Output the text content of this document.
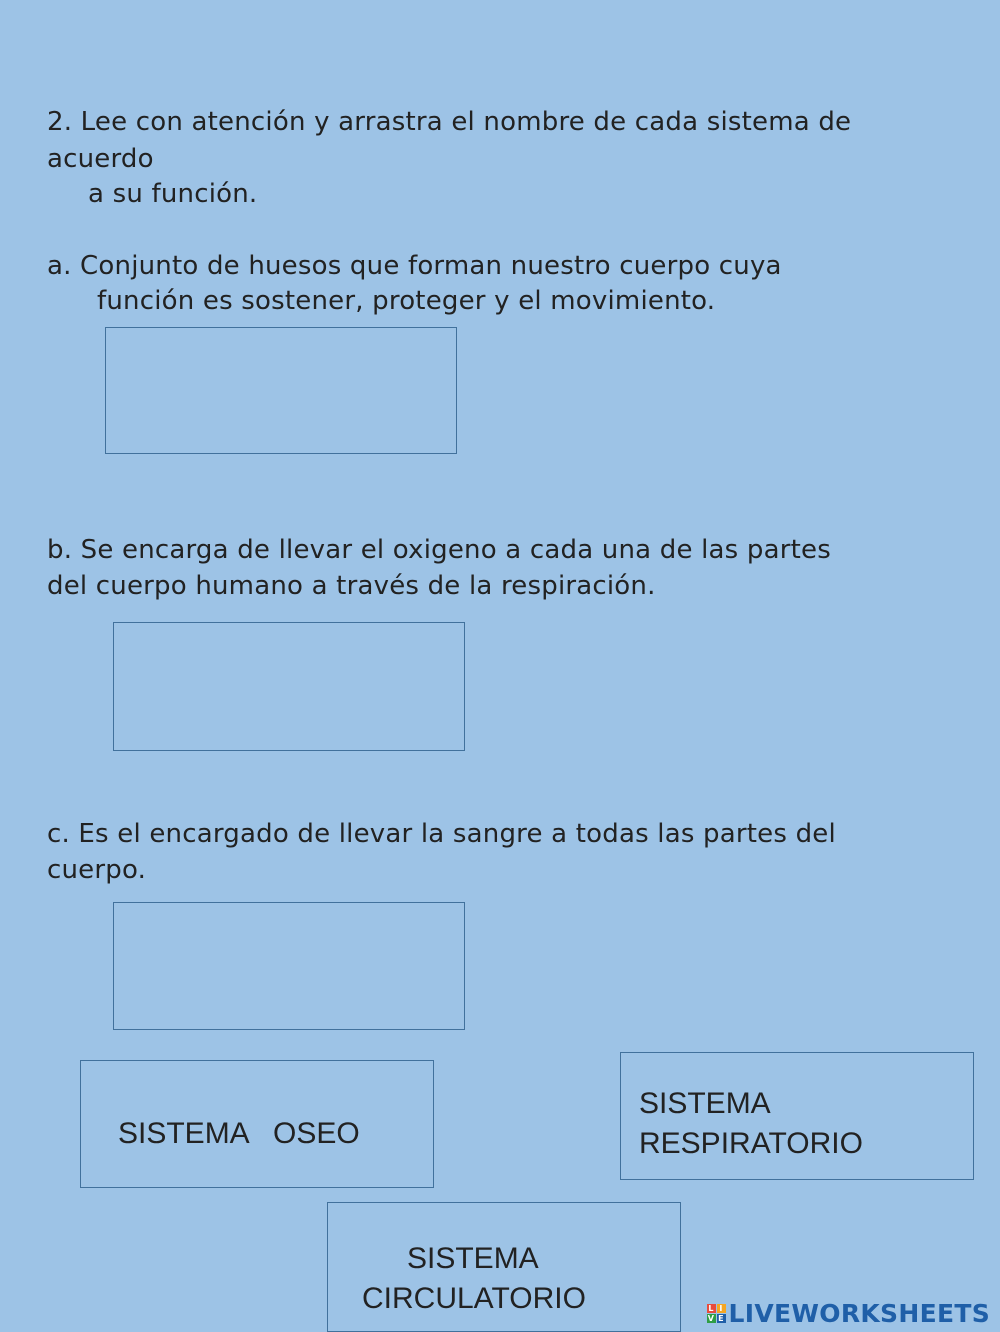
2. Lee con atención y arrastra el nombre de cada sistema de
acuerdo
a su función.
a. Conjunto de huesos que forman nuestro cuerpo cuya
función es sostener, proteger y el movimiento.
b. Se encarga de llevar el oxigeno a cada una de las partes
del cuerpo humano a través de la respiración.
c. Es el encargado de llevar la sangre a todas las partes del
cuerpo.
SISTEMA   OSEO
SISTEMA
RESPIRATORIO
SISTEMA
CIRCULATORIO	L I
V E LIVEWORKSHEETS
